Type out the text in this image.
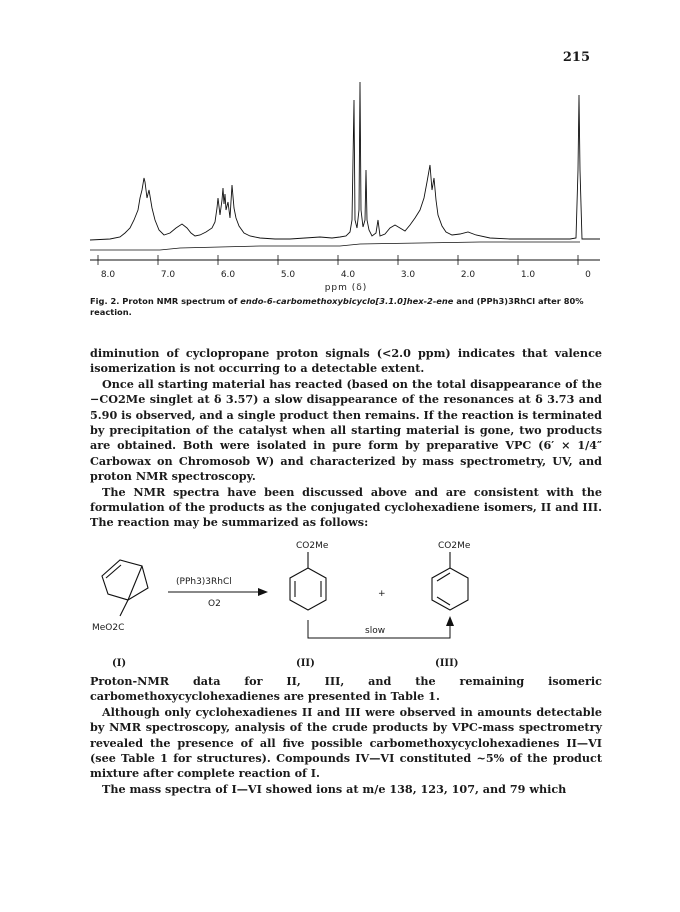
215
8.0	7.0	6.0	5.0	4.0	3.0	2.0	1.0	0
ppm (δ)
Fig. 2. Proton NMR spectrum of endo-6-carbomethoxybicyclo[3.1.0]hex-2-ene and (PPh3)3RhCl after 80% reaction.

diminution of cyclopropane proton signals (<2.0 ppm) indicates that valence isomerization is not occurring to a detectable extent.

Once all starting material has reacted (based on the total disappearance of the −CO2Me singlet at δ 3.57) a slow disappearance of the resonances at δ 3.73 and 5.90 is observed, and a single product then remains. If the reaction is terminated by precipitation of the catalyst when all starting material is gone, two products are obtained. Both were isolated in pure form by preparative VPC (6′ × 1/4″ Carbowax on Chromosob W) and characterized by mass spectrometry, UV, and proton NMR spectroscopy.

The NMR spectra have been discussed above and are consistent with the formulation of the products as the conjugated cyclohexadiene isomers, II and III. The reaction may be summarized as follows:

MeO2C
(PPh3)3RhCl
O2
CO2Me
+
CO2Me
slow
(I)	(II)	(III)

Proton-NMR data for II, III, and the remaining isomeric carbomethoxycyclohexadienes are presented in Table 1.

Although only cyclohexadienes II and III were observed in amounts detectable by NMR spectroscopy, analysis of the crude products by VPC-mass spectrometry revealed the presence of all five possible carbomethoxycyclohexadienes II—VI (see Table 1 for structures). Compounds IV—VI constituted ~5% of the product mixture after complete reaction of I.

The mass spectra of I—VI showed ions at m/e 138, 123, 107, and 79 which
